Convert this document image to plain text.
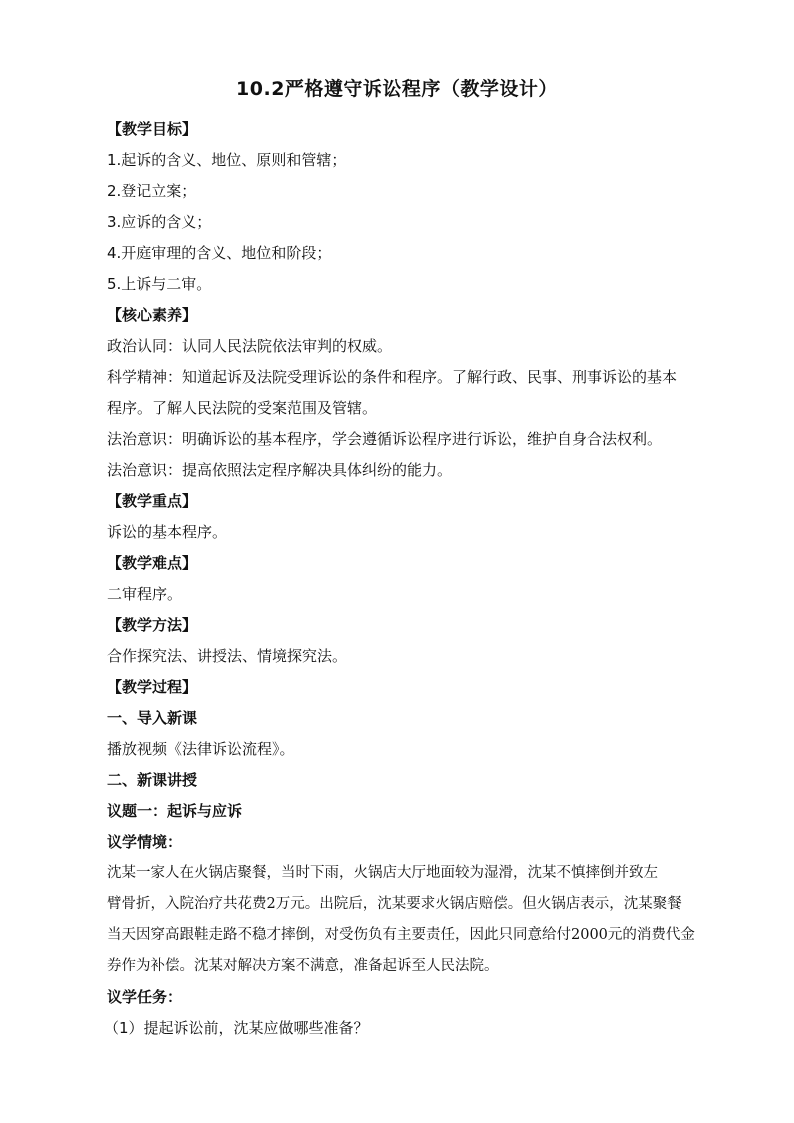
10.2严格遵守诉讼程序（教学设计）
【教学目标】
1.起诉的含义、地位、原则和管辖；
2.登记立案；
3.应诉的含义；
4.开庭审理的含义、地位和阶段；
5.上诉与二审。
【核心素养】
政治认同：认同人民法院依法审判的权威。
科学精神：知道起诉及法院受理诉讼的条件和程序。了解行政、民事、刑事诉讼的基本
程序。了解人民法院的受案范围及管辖。
法治意识：明确诉讼的基本程序，学会遵循诉讼程序进行诉讼，维护自身合法权利。
法治意识：提高依照法定程序解决具体纠纷的能力。
【教学重点】
诉讼的基本程序。
【教学难点】
二审程序。
【教学方法】
合作探究法、讲授法、情境探究法。
【教学过程】
一、导入新课
播放视频《法律诉讼流程》。
二、新课讲授
议题一：起诉与应诉
议学情境：
沈某一家人在火锅店聚餐，当时下雨，火锅店大厅地面较为湿滑，沈某不慎摔倒并致左
臂骨折，入院治疗共花费2万元。出院后，沈某要求火锅店赔偿。但火锅店表示，沈某聚餐
当天因穿高跟鞋走路不稳才摔倒，对受伤负有主要责任，因此只同意给付2000元的消费代金
券作为补偿。沈某对解决方案不满意，准备起诉至人民法院。
议学任务：
（1）提起诉讼前，沈某应做哪些准备？
